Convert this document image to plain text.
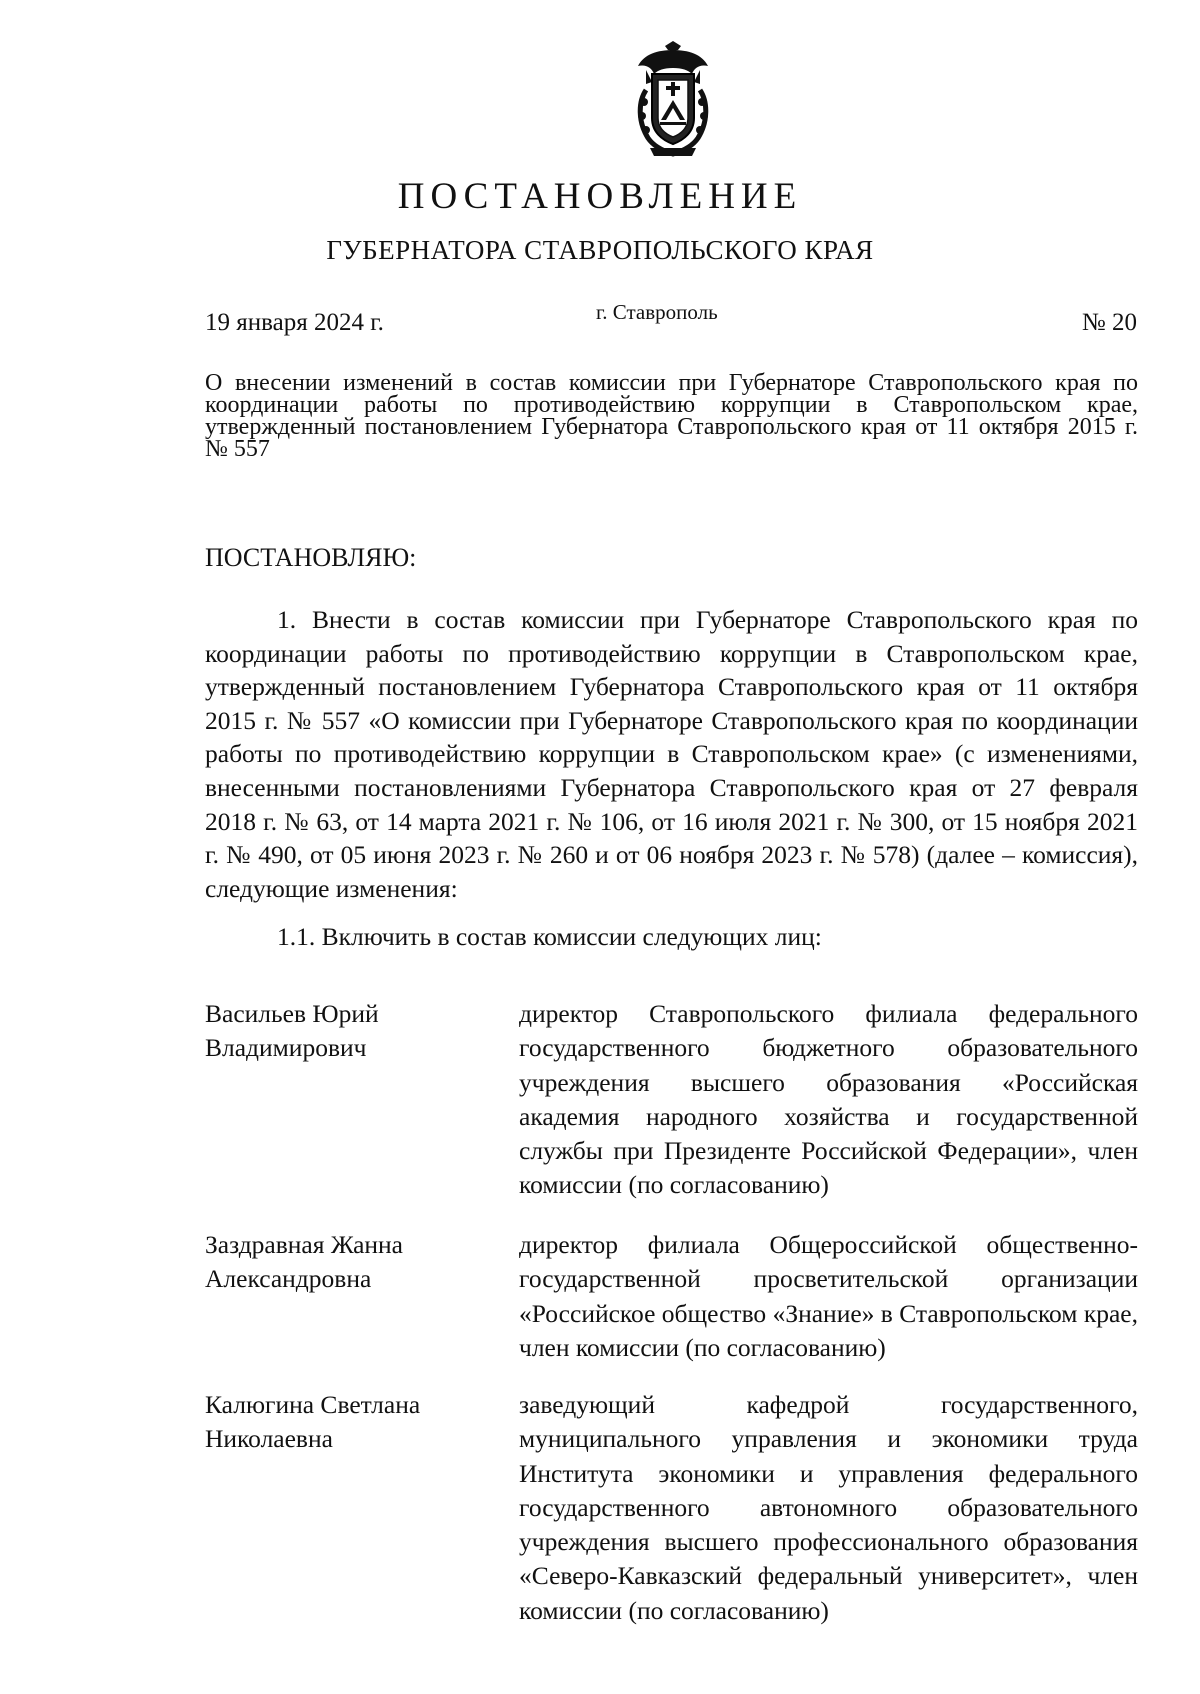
ПОСТАНОВЛЕНИЕ
ГУБЕРНАТОРА СТАВРОПОЛЬСКОГО КРАЯ
19 января 2024 г.	г. Ставрополь	№ 20
О внесении изменений в состав комиссии при Губернаторе Ставропольского края по координации работы по противодействию коррупции в Ставропольском крае, утвержденный постановлением Губернатора Ставропольского края от 11 октября 2015 г. № 557
ПОСТАНОВЛЯЮ:

1. Внести в состав комиссии при Губернаторе Ставропольского края по координации работы по противодействию коррупции в Ставропольском крае, утвержденный постановлением Губернатора Ставропольского края от 11 октября 2015 г. № 557 «О комиссии при Губернаторе Ставропольского края по координации работы по противодействию коррупции в Ставропольском крае» (с изменениями, внесенными постановлениями Губернатора Ставропольского края от 27 февраля 2018 г. № 63, от 14 марта 2021 г. № 106, от 16 июля 2021 г. № 300, от 15 ноября 2021 г. № 490, от 05 июня 2023 г. № 260 и от 06 ноября 2023 г. № 578) (далее – комиссия), следующие изменения:

1.1. Включить в состав комиссии следующих лиц:
Васильев Юрий
Владимирович
директор Ставропольского филиала федерального государственного бюджетного образовательного учреждения высшего образования «Российская академия народного хозяйства и государственной службы при Президенте Российской Федерации», член комиссии (по согласованию)
Заздравная Жанна
Александровна
директор филиала Общероссийской общественно-государственной просветительской организации «Российское общество «Знание» в Ставропольском крае, член комиссии (по согласованию)
Калюгина Светлана
Николаевна
заведующий кафедрой государственного, муниципального управления и экономики труда Института экономики и управления федерального государственного автономного образовательного учреждения высшего профессионального образования «Северо-Кавказский федеральный университет», член комиссии (по согласованию)
